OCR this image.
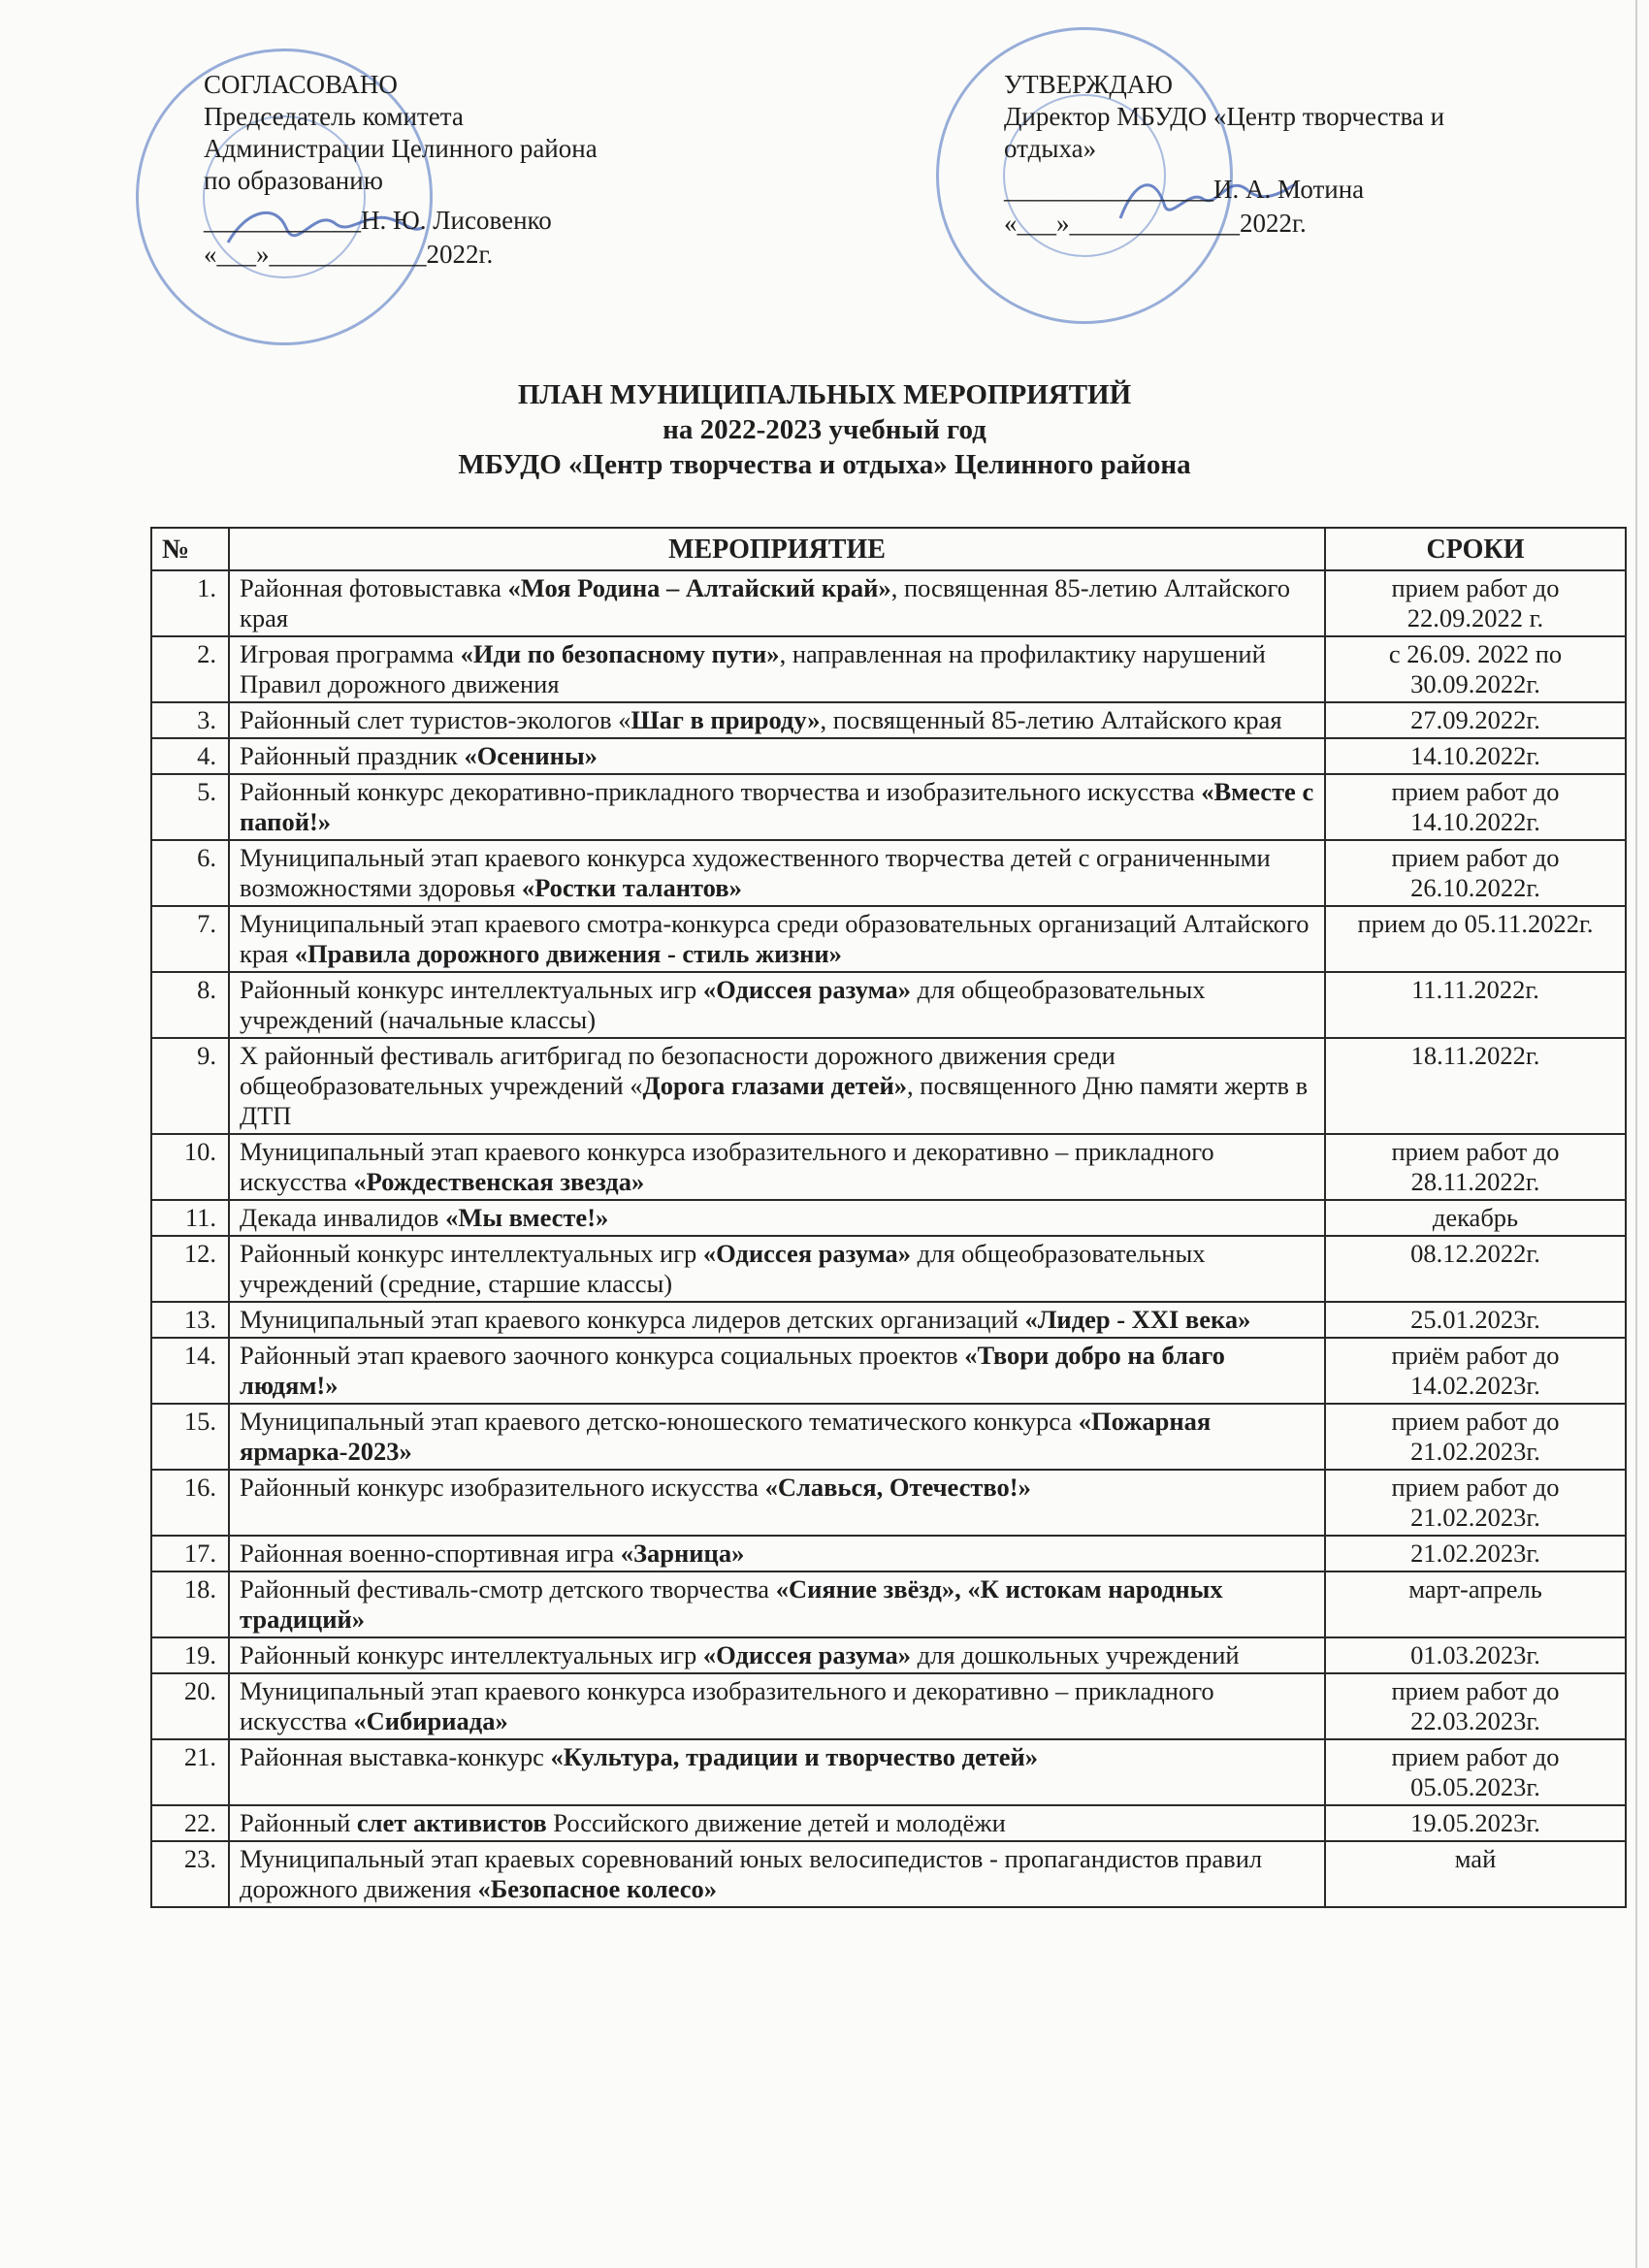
СОГЛАСОВАНО
Председатель комитета
Администрации Целинного района
по образованию
____________Н. Ю. Лисовенко
«___»____________2022г.
УТВЕРЖДАЮ
Директор МБУДО «Центр творчества и
отдыха»
________________И. А. Мотина
«___»_____________2022г.
ПЛАН МУНИЦИПАЛЬНЫХ МЕРОПРИЯТИЙ
на 2022-2023 учебный год
МБУДО «Центр творчества и отдыха» Целинного района
№	МЕРОПРИЯТИЕ	СРОКИ
1.	Районная фотовыставка «Моя Родина – Алтайский край», посвященная 85-летию Алтайского края	прием работ до 22.09.2022 г.
2.	Игровая программа «Иди по безопасному пути», направленная на профилактику нарушений Правил дорожного движения	с 26.09. 2022 по 30.09.2022г.
3.	Районный слет туристов-экологов «Шаг в природу», посвященный 85-летию Алтайского края	27.09.2022г.
4.	Районный праздник «Осенины»	14.10.2022г.
5.	Районный конкурс декоративно-прикладного творчества и изобразительного искусства «Вместе с папой!»	прием работ до 14.10.2022г.
6.	Муниципальный этап краевого конкурса художественного творчества детей с ограниченными возможностями здоровья «Ростки талантов»	прием работ до 26.10.2022г.
7.	Муниципальный этап краевого смотра-конкурса среди образовательных организаций Алтайского края «Правила дорожного движения - стиль жизни»	прием до 05.11.2022г.
8.	Районный конкурс интеллектуальных игр «Одиссея разума» для общеобразовательных учреждений (начальные классы)	11.11.2022г.
9.	X районный фестиваль агитбригад по безопасности дорожного движения среди общеобразовательных учреждений «Дорога глазами детей», посвященного Дню памяти жертв в ДТП	18.11.2022г.
10.	Муниципальный этап краевого конкурса изобразительного и декоративно – прикладного искусства «Рождественская звезда»	прием работ до 28.11.2022г.
11.	Декада инвалидов «Мы вместе!»	декабрь
12.	Районный конкурс интеллектуальных игр «Одиссея разума» для общеобразовательных учреждений (средние, старшие классы)	08.12.2022г.
13.	Муниципальный этап краевого конкурса лидеров детских организаций «Лидер - XXI века»	25.01.2023г.
14.	Районный этап краевого заочного конкурса социальных проектов «Твори добро на благо людям!»	приём работ до 14.02.2023г.
15.	Муниципальный этап краевого детско-юношеского тематического конкурса «Пожарная ярмарка-2023»	прием работ до 21.02.2023г.
16.	Районный конкурс изобразительного искусства «Славься, Отечество!»	прием работ до 21.02.2023г.
17.	Районная военно-спортивная игра «Зарница»	21.02.2023г.
18.	Районный фестиваль-смотр детского творчества «Сияние звёзд», «К истокам народных традиций»	март-апрель
19.	Районный конкурс интеллектуальных игр «Одиссея разума» для дошкольных учреждений	01.03.2023г.
20.	Муниципальный этап краевого конкурса изобразительного и декоративно – прикладного искусства «Сибириада»	прием работ до 22.03.2023г.
21.	Районная выставка-конкурс «Культура, традиции и творчество детей»	прием работ до 05.05.2023г.
22.	Районный слет активистов Российского движение детей и молодёжи	19.05.2023г.
23.	Муниципальный этап краевых соревнований юных велосипедистов - пропагандистов правил дорожного движения «Безопасное колесо»	май
